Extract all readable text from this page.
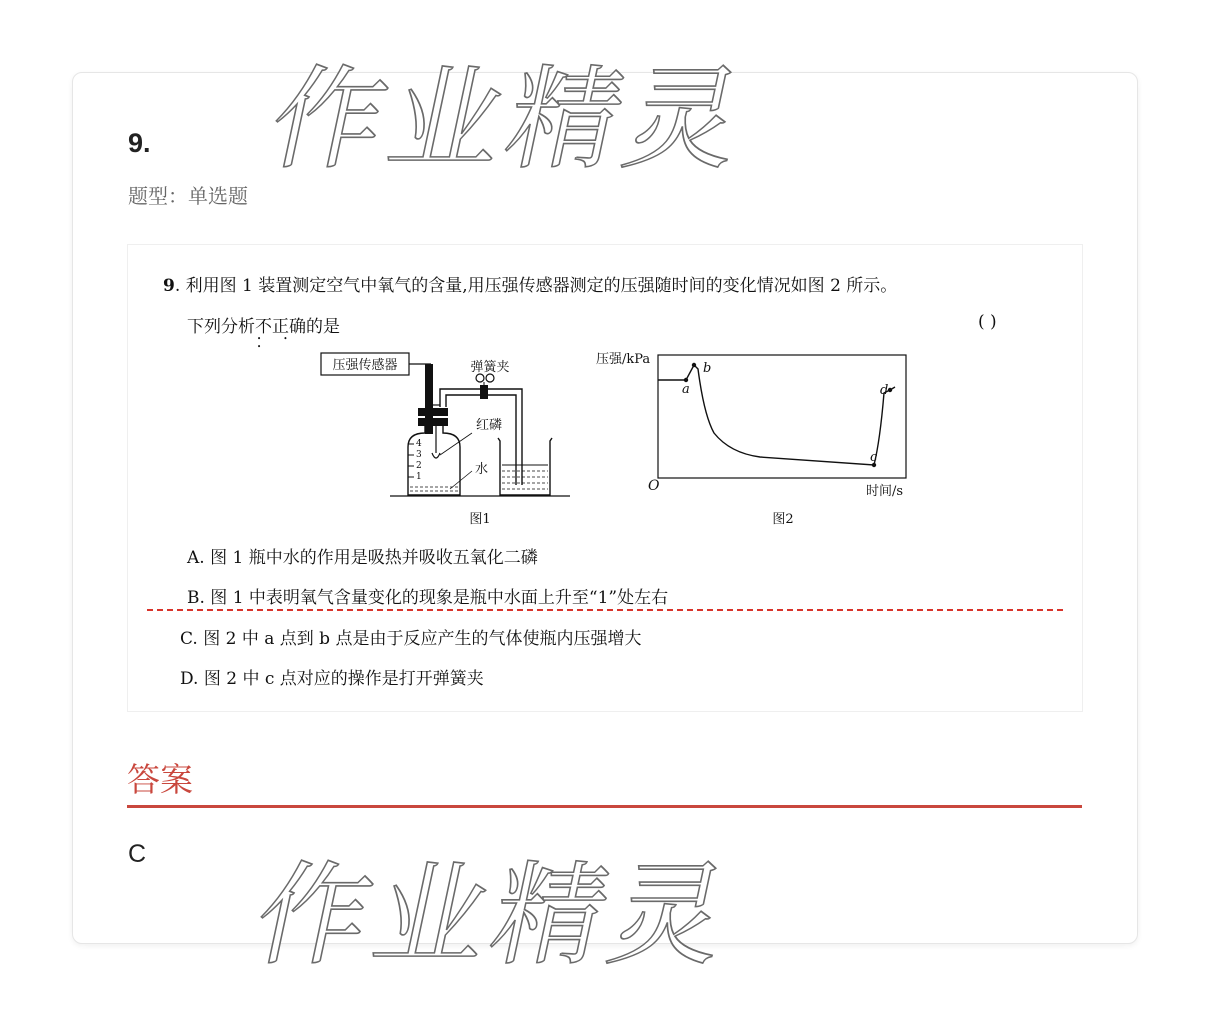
9.
题型：单选题
9. 利用图 1 装置测定空气中氧气的含量,用压强传感器测定的压强随时间的变化情况如图 2 所示。
下列分析不正确 • • •的是	( )
压强传感器	弹簧夹
4
3
2
1
红磷
水
图1
压强/kPa
a
b
c
d
O	时间/s
图2
A. 图 1 瓶中水的作用是吸热并吸收五氧化二磷
B. 图 1 中表明氧气含量变化的现象是瓶中水面上升至“1”处左右
C. 图 2 中 a 点到 b 点是由于反应产生的气体使瓶内压强增大
D. 图 2 中 c 点对应的操作是打开弹簧夹
答案
C
作业精灵
作业精灵
